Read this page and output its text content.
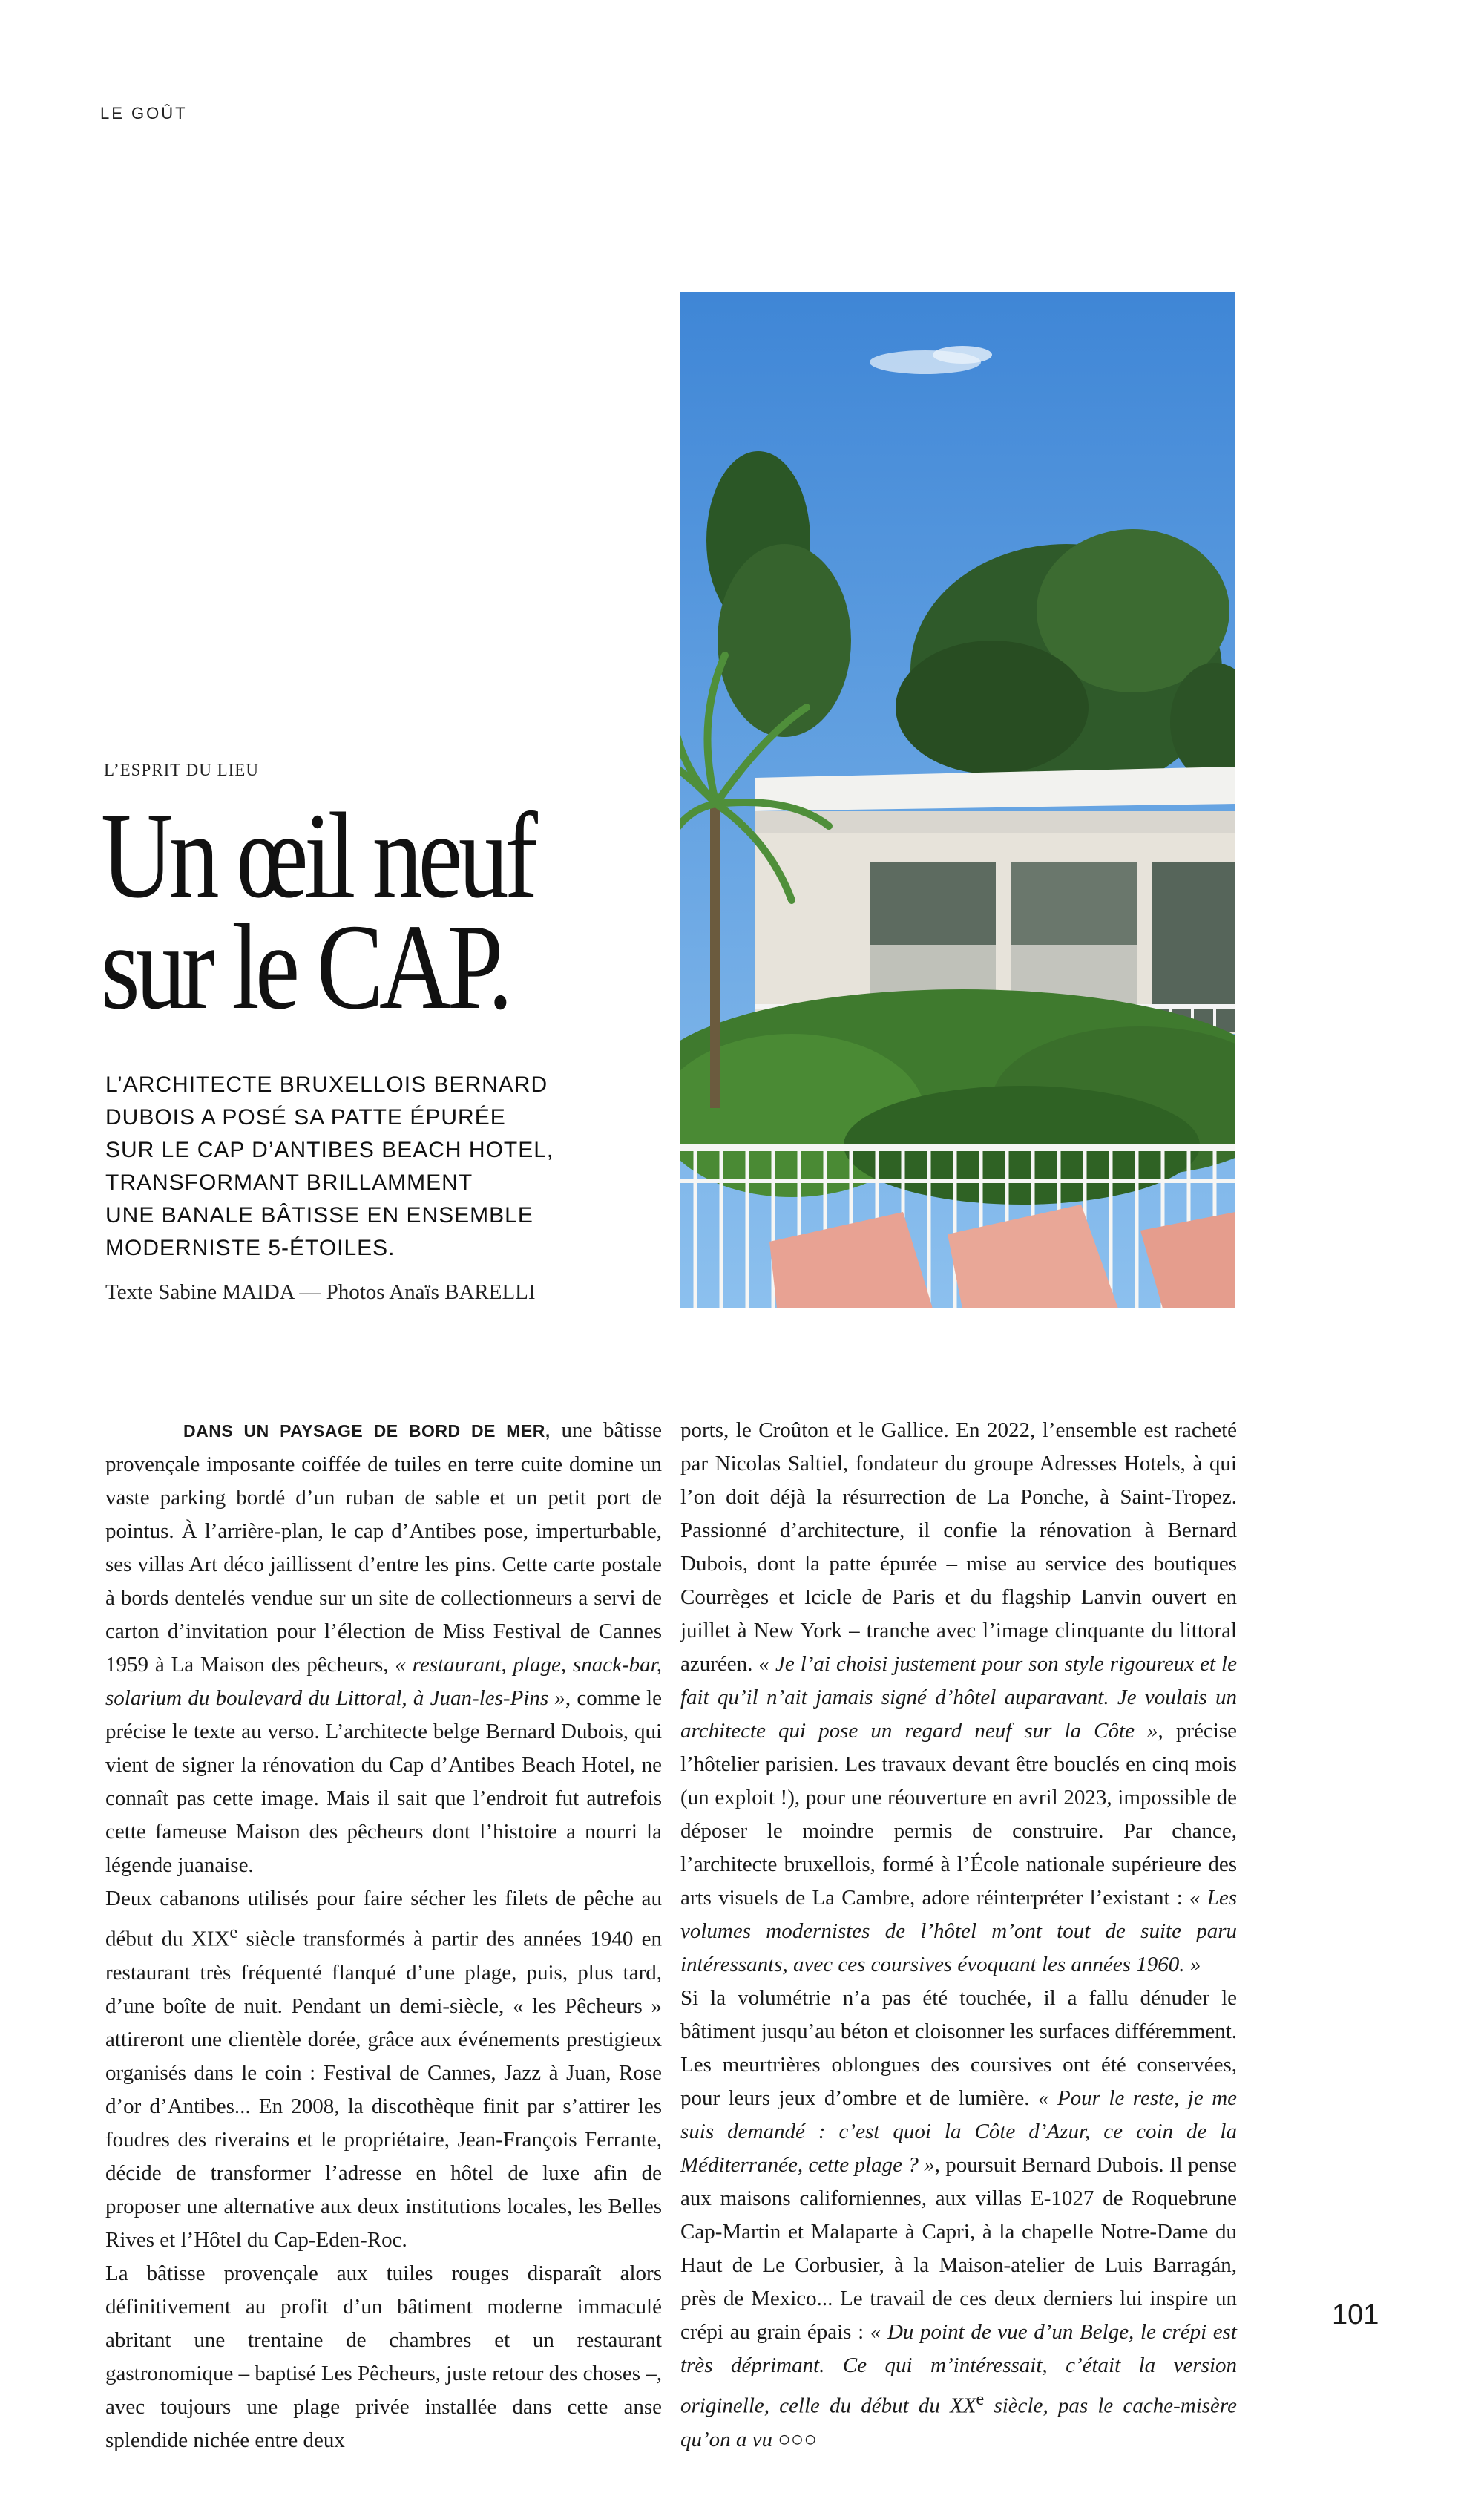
LE GOÛT
L’ESPRIT DU LIEU
Un œil neuf
sur le CAP.
L’ARCHITECTE BRUXELLOIS BERNARD
DUBOIS A POSÉ SA PATTE ÉPURÉE
SUR LE CAP D’ANTIBES BEACH HOTEL,
TRANSFORMANT BRILLAMMENT
UNE BANALE BÂTISSE EN ENSEMBLE
MODERNISTE 5-ÉTOILES.
Texte Sabine MAIDA — Photos Anaïs BARELLI

DANS UN PAYSAGE DE BORD DE MER, une bâtisse provençale imposante coiffée de tuiles en terre cuite domine un vaste parking bordé d’un ruban de sable et un petit port de pointus. À l’arrière-plan, le cap d’Antibes pose, imperturbable, ses villas Art déco jaillissent d’entre les pins. Cette carte postale à bords dentelés vendue sur un site de collectionneurs a servi de carton d’invitation pour l’élection de Miss Festival de Cannes 1959 à La Maison des pêcheurs, « restaurant, plage, snack-bar, solarium du boulevard du Littoral, à Juan-les-Pins », comme le précise le texte au verso. L’architecte belge Bernard Dubois, qui vient de signer la rénovation du Cap d’Antibes Beach Hotel, ne connaît pas cette image. Mais il sait que l’endroit fut autrefois cette fameuse Maison des pêcheurs dont l’histoire a nourri la légende juanaise.

Deux cabanons utilisés pour faire sécher les filets de pêche au début du XIXe siècle transformés à partir des années 1940 en restaurant très fréquenté flanqué d’une plage, puis, plus tard, d’une boîte de nuit. Pendant un demi-siècle, « les Pêcheurs » attireront une clientèle dorée, grâce aux événements prestigieux organisés dans le coin : Festival de Cannes, Jazz à Juan, Rose d’or d’Antibes... En 2008, la discothèque finit par s’attirer les foudres des riverains et le propriétaire, Jean-François Ferrante, décide de transformer l’adresse en hôtel de luxe afin de proposer une alternative aux deux institutions locales, les Belles Rives et l’Hôtel du Cap-Eden-Roc.

La bâtisse provençale aux tuiles rouges disparaît alors définitivement au profit d’un bâtiment moderne immaculé abritant une trentaine de chambres et un restaurant gastronomique – baptisé Les Pêcheurs, juste retour des choses –, avec toujours une plage privée installée dans cette anse splendide nichée entre deux

ports, le Croûton et le Gallice. En 2022, l’ensemble est racheté par Nicolas Saltiel, fondateur du groupe Adresses Hotels, à qui l’on doit déjà la résurrection de La Ponche, à Saint-Tropez. Passionné d’architecture, il confie la rénovation à Bernard Dubois, dont la patte épurée – mise au service des boutiques Courrèges et Icicle de Paris et du flagship Lanvin ouvert en juillet à New York – tranche avec l’image clinquante du littoral azuréen. « Je l’ai choisi justement pour son style rigoureux et le fait qu’il n’ait jamais signé d’hôtel auparavant. Je voulais un architecte qui pose un regard neuf sur la Côte », précise l’hôtelier parisien. Les travaux devant être bouclés en cinq mois (un exploit !), pour une réouverture en avril 2023, impossible de déposer le moindre permis de construire. Par chance, l’architecte bruxellois, formé à l’École nationale supérieure des arts visuels de La Cambre, adore réinterpréter l’existant : « Les volumes modernistes de l’hôtel m’ont tout de suite paru intéressants, avec ces coursives évoquant les années 1960. »

Si la volumétrie n’a pas été touchée, il a fallu dénuder le bâtiment jusqu’au béton et cloisonner les surfaces différemment. Les meurtrières oblongues des coursives ont été conservées, pour leurs jeux d’ombre et de lumière. « Pour le reste, je me suis demandé : c’est quoi la Côte d’Azur, ce coin de la Méditerranée, cette plage ? », poursuit Bernard Dubois. Il pense aux maisons californiennes, aux villas E-1027 de Roquebrune Cap-Martin et Malaparte à Capri, à la chapelle Notre-Dame du Haut de Le Corbusier, à la Maison-atelier de Luis Barragán, près de Mexico... Le travail de ces deux derniers lui inspire un crépi au grain épais : « Du point de vue d’un Belge, le crépi est très déprimant. Ce qui m’intéressait, c’était la version originelle, celle du début du XXe siècle, pas le cache-misère qu’on a vu ○○○

101
